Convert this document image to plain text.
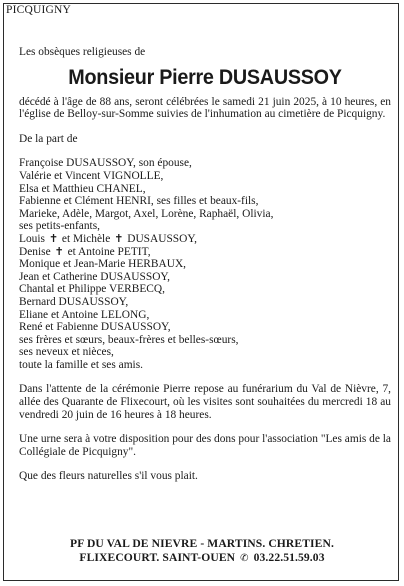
PICQUIGNY

Les obsèques religieuses de

Monsieur Pierre DUSAUSSOY

décédé à l'âge de 88 ans, seront célébrées le samedi 21 juin 2025, à 10 heures, en l'église de Belloy-sur-Somme suivies de l'inhumation au cimetière de Picquigny.

De la part de

Françoise DUSAUSSOY, son épouse,

Valérie et Vincent VIGNOLLE,

Elsa et Matthieu CHANEL,

Fabienne et Clément HENRI, ses filles et beaux-fils,

Marieke, Adèle, Margot, Axel, Lorène, Raphaël, Olivia,

ses petits-enfants,

Louis ✝ et Michèle ✝ DUSAUSSOY,

Denise ✝ et Antoine PETIT,

Monique et Jean-Marie HERBAUX,

Jean et Catherine DUSAUSSOY,

Chantal et Philippe VERBECQ,

Bernard DUSAUSSOY,

Eliane et Antoine LELONG,

René et Fabienne DUSAUSSOY,

ses frères et sœurs, beaux-frères et belles-sœurs,

ses neveux et nièces,

toute la famille et ses amis.

Dans l'attente de la cérémonie Pierre repose au funérarium du Val de Nièvre, 7, allée des Quarante de Flixecourt, où les visites sont souhaitées du mercredi 18 au vendredi 20 juin de 16 heures à 18 heures.

Une urne sera à votre disposition pour des dons pour l'association "Les amis de la Collégiale de Picquigny".

Que des fleurs naturelles s'il vous plait.

PF DU VAL DE NIEVRE - MARTINS. CHRETIEN.
FLIXECOURT. SAINT-OUEN ✆ 03.22.51.59.03
